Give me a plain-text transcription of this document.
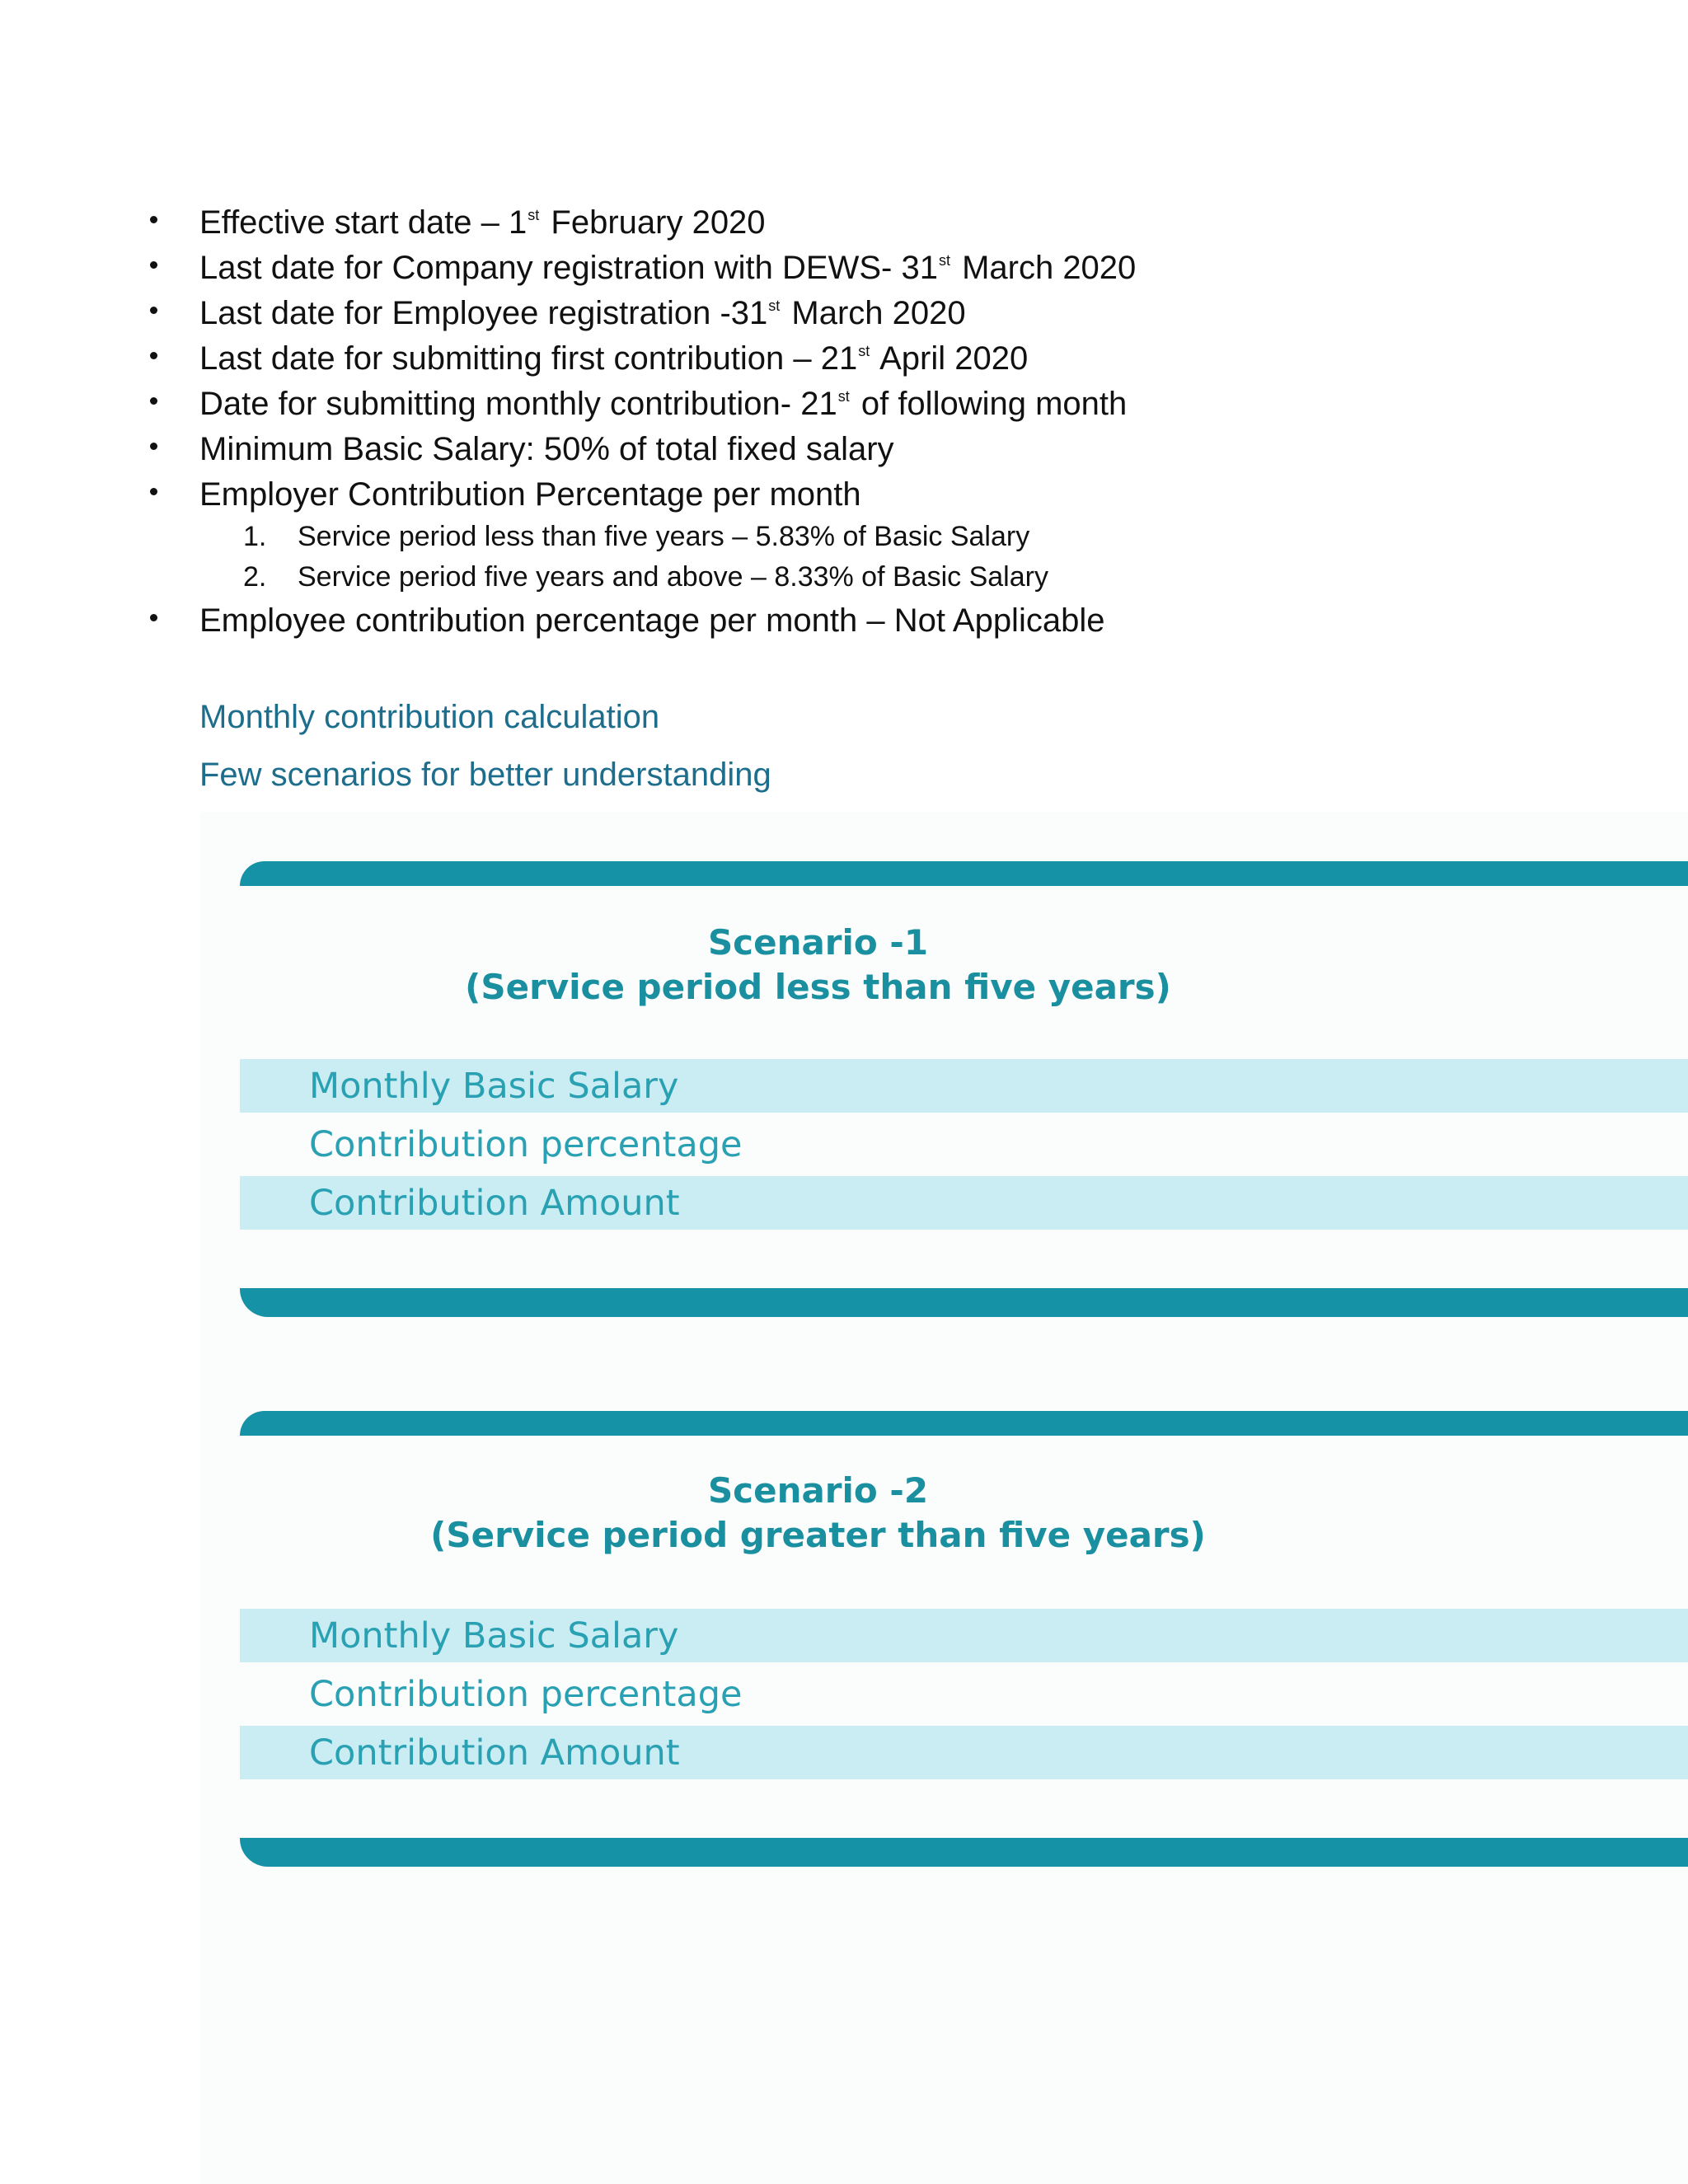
Effective start date – 1st February 2020
Last date for Company registration with DEWS- 31st March 2020
Last date for Employee registration -31st March 2020
Last date for submitting first contribution – 21st April 2020
Date for submitting monthly contribution- 21st of following month
Minimum Basic Salary: 50% of total fixed salary
Employer Contribution Percentage per month
1. Service period less than five years – 5.83% of Basic Salary
2. Service period five years and above – 8.33% of Basic Salary
Employee contribution percentage per month – Not Applicable
Monthly contribution calculation
Few scenarios for better understanding
Scenario -1
(Service period less than five years)
Monthly Basic Salary
Contribution percentage
Contribution Amount
Scenario -2
(Service period greater than five years)
Monthly Basic Salary
Contribution percentage
Contribution Amount
